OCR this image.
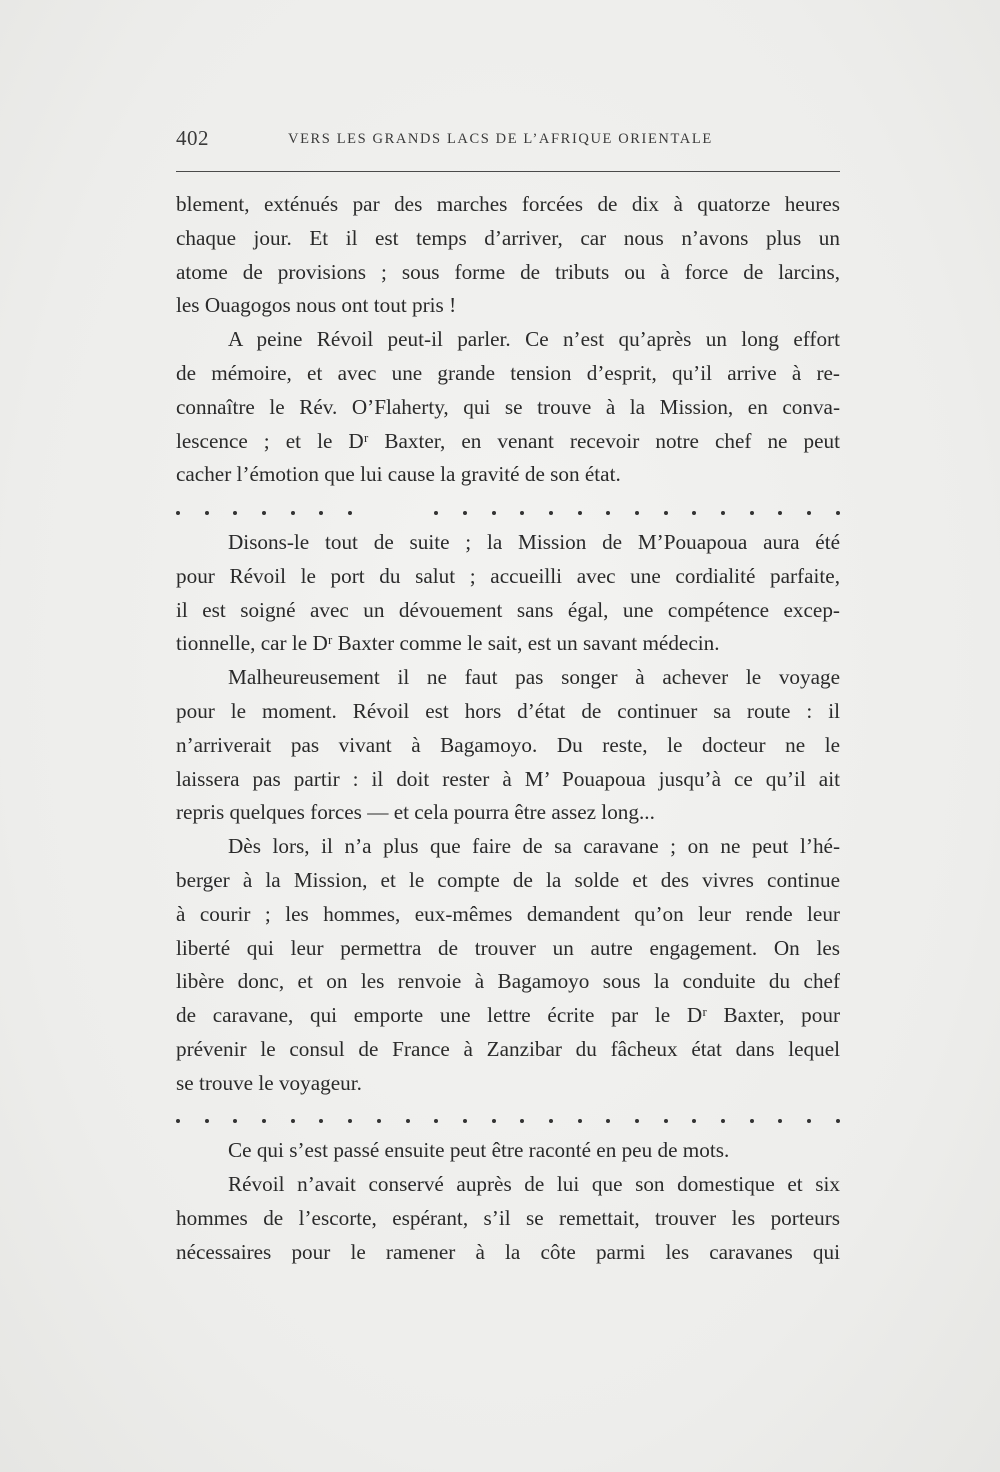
402	VERS LES GRANDS LACS DE L’AFRIQUE ORIENTALE
blement, exténués par des marches forcées de dix à quatorze heures
chaque jour. Et il est temps d’arriver, car nous n’avons plus un
atome de provisions ; sous forme de tributs ou à force de larcins,
les Ouagogos nous ont tout pris !
A peine Révoil peut-il parler. Ce n’est qu’après un long effort
de mémoire, et avec une grande tension d’esprit, qu’il arrive à re-
connaître le Rév. O’Flaherty, qui se trouve à la Mission, en conva-
lescence ; et le Dʳ Baxter, en venant recevoir notre chef ne peut
cacher l’émotion que lui cause la gravité de son état.
Disons-le tout de suite ; la Mission de M’Pouapoua aura été
pour Révoil le port du salut ; accueilli avec une cordialité parfaite,
il est soigné avec un dévouement sans égal, une compétence excep-
tionnelle, car le Dʳ Baxter comme le sait, est un savant médecin.
Malheureusement il ne faut pas songer à achever le voyage
pour le moment. Révoil est hors d’état de continuer sa route : il
n’arriverait pas vivant à Bagamoyo. Du reste, le docteur ne le
laissera pas partir : il doit rester à M’ Pouapoua jusqu’à ce qu’il ait
repris quelques forces — et cela pourra être assez long...
Dès lors, il n’a plus que faire de sa caravane ; on ne peut l’hé-
berger à la Mission, et le compte de la solde et des vivres continue
à courir ; les hommes, eux-mêmes demandent qu’on leur rende leur
liberté qui leur permettra de trouver un autre engagement. On les
libère donc, et on les renvoie à Bagamoyo sous la conduite du chef
de caravane, qui emporte une lettre écrite par le Dʳ Baxter, pour
prévenir le consul de France à Zanzibar du fâcheux état dans lequel
se trouve le voyageur.
Ce qui s’est passé ensuite peut être raconté en peu de mots.
Révoil n’avait conservé auprès de lui que son domestique et six
hommes de l’escorte, espérant, s’il se remettait, trouver les porteurs
nécessaires pour le ramener à la côte parmi les caravanes qui
